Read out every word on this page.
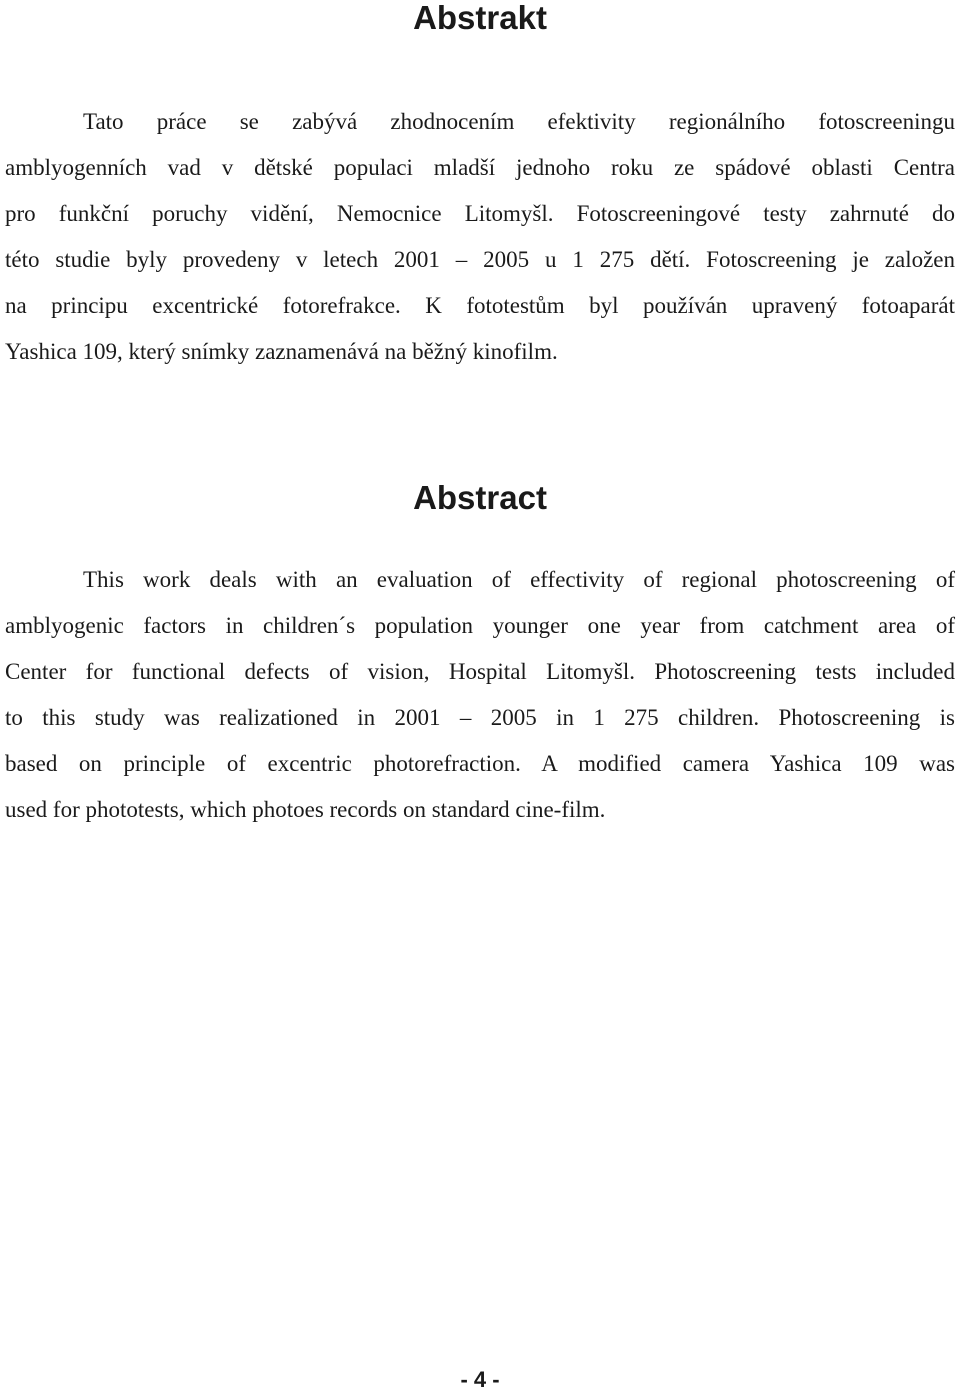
Abstrakt
Tato práce se zabývá zhodnocením efektivity regionálního fotoscreeningu
amblyogenních vad v dětské populaci mladší jednoho roku ze spádové oblasti Centra
pro funkční poruchy vidění, Nemocnice Litomyšl. Fotoscreeningové testy zahrnuté do
této studie byly provedeny v letech 2001 – 2005 u 1 275 dětí. Fotoscreening je založen
na principu excentrické fotorefrakce. K fototestům byl používán upravený fotoaparát
Yashica 109, který snímky zaznamenává na běžný kinofilm.
Abstract
This work deals with an evaluation of effectivity of regional photoscreening of
amblyogenic factors in children´s population younger one year from catchment area of
Center for functional defects of vision, Hospital Litomyšl. Photoscreening tests included
to this study was realizationed in 2001 – 2005 in 1 275 children. Photoscreening is
based on principle of excentric photorefraction. A modified camera Yashica 109 was
used for phototests, which photoes records on standard cine-film.
- 4 -
